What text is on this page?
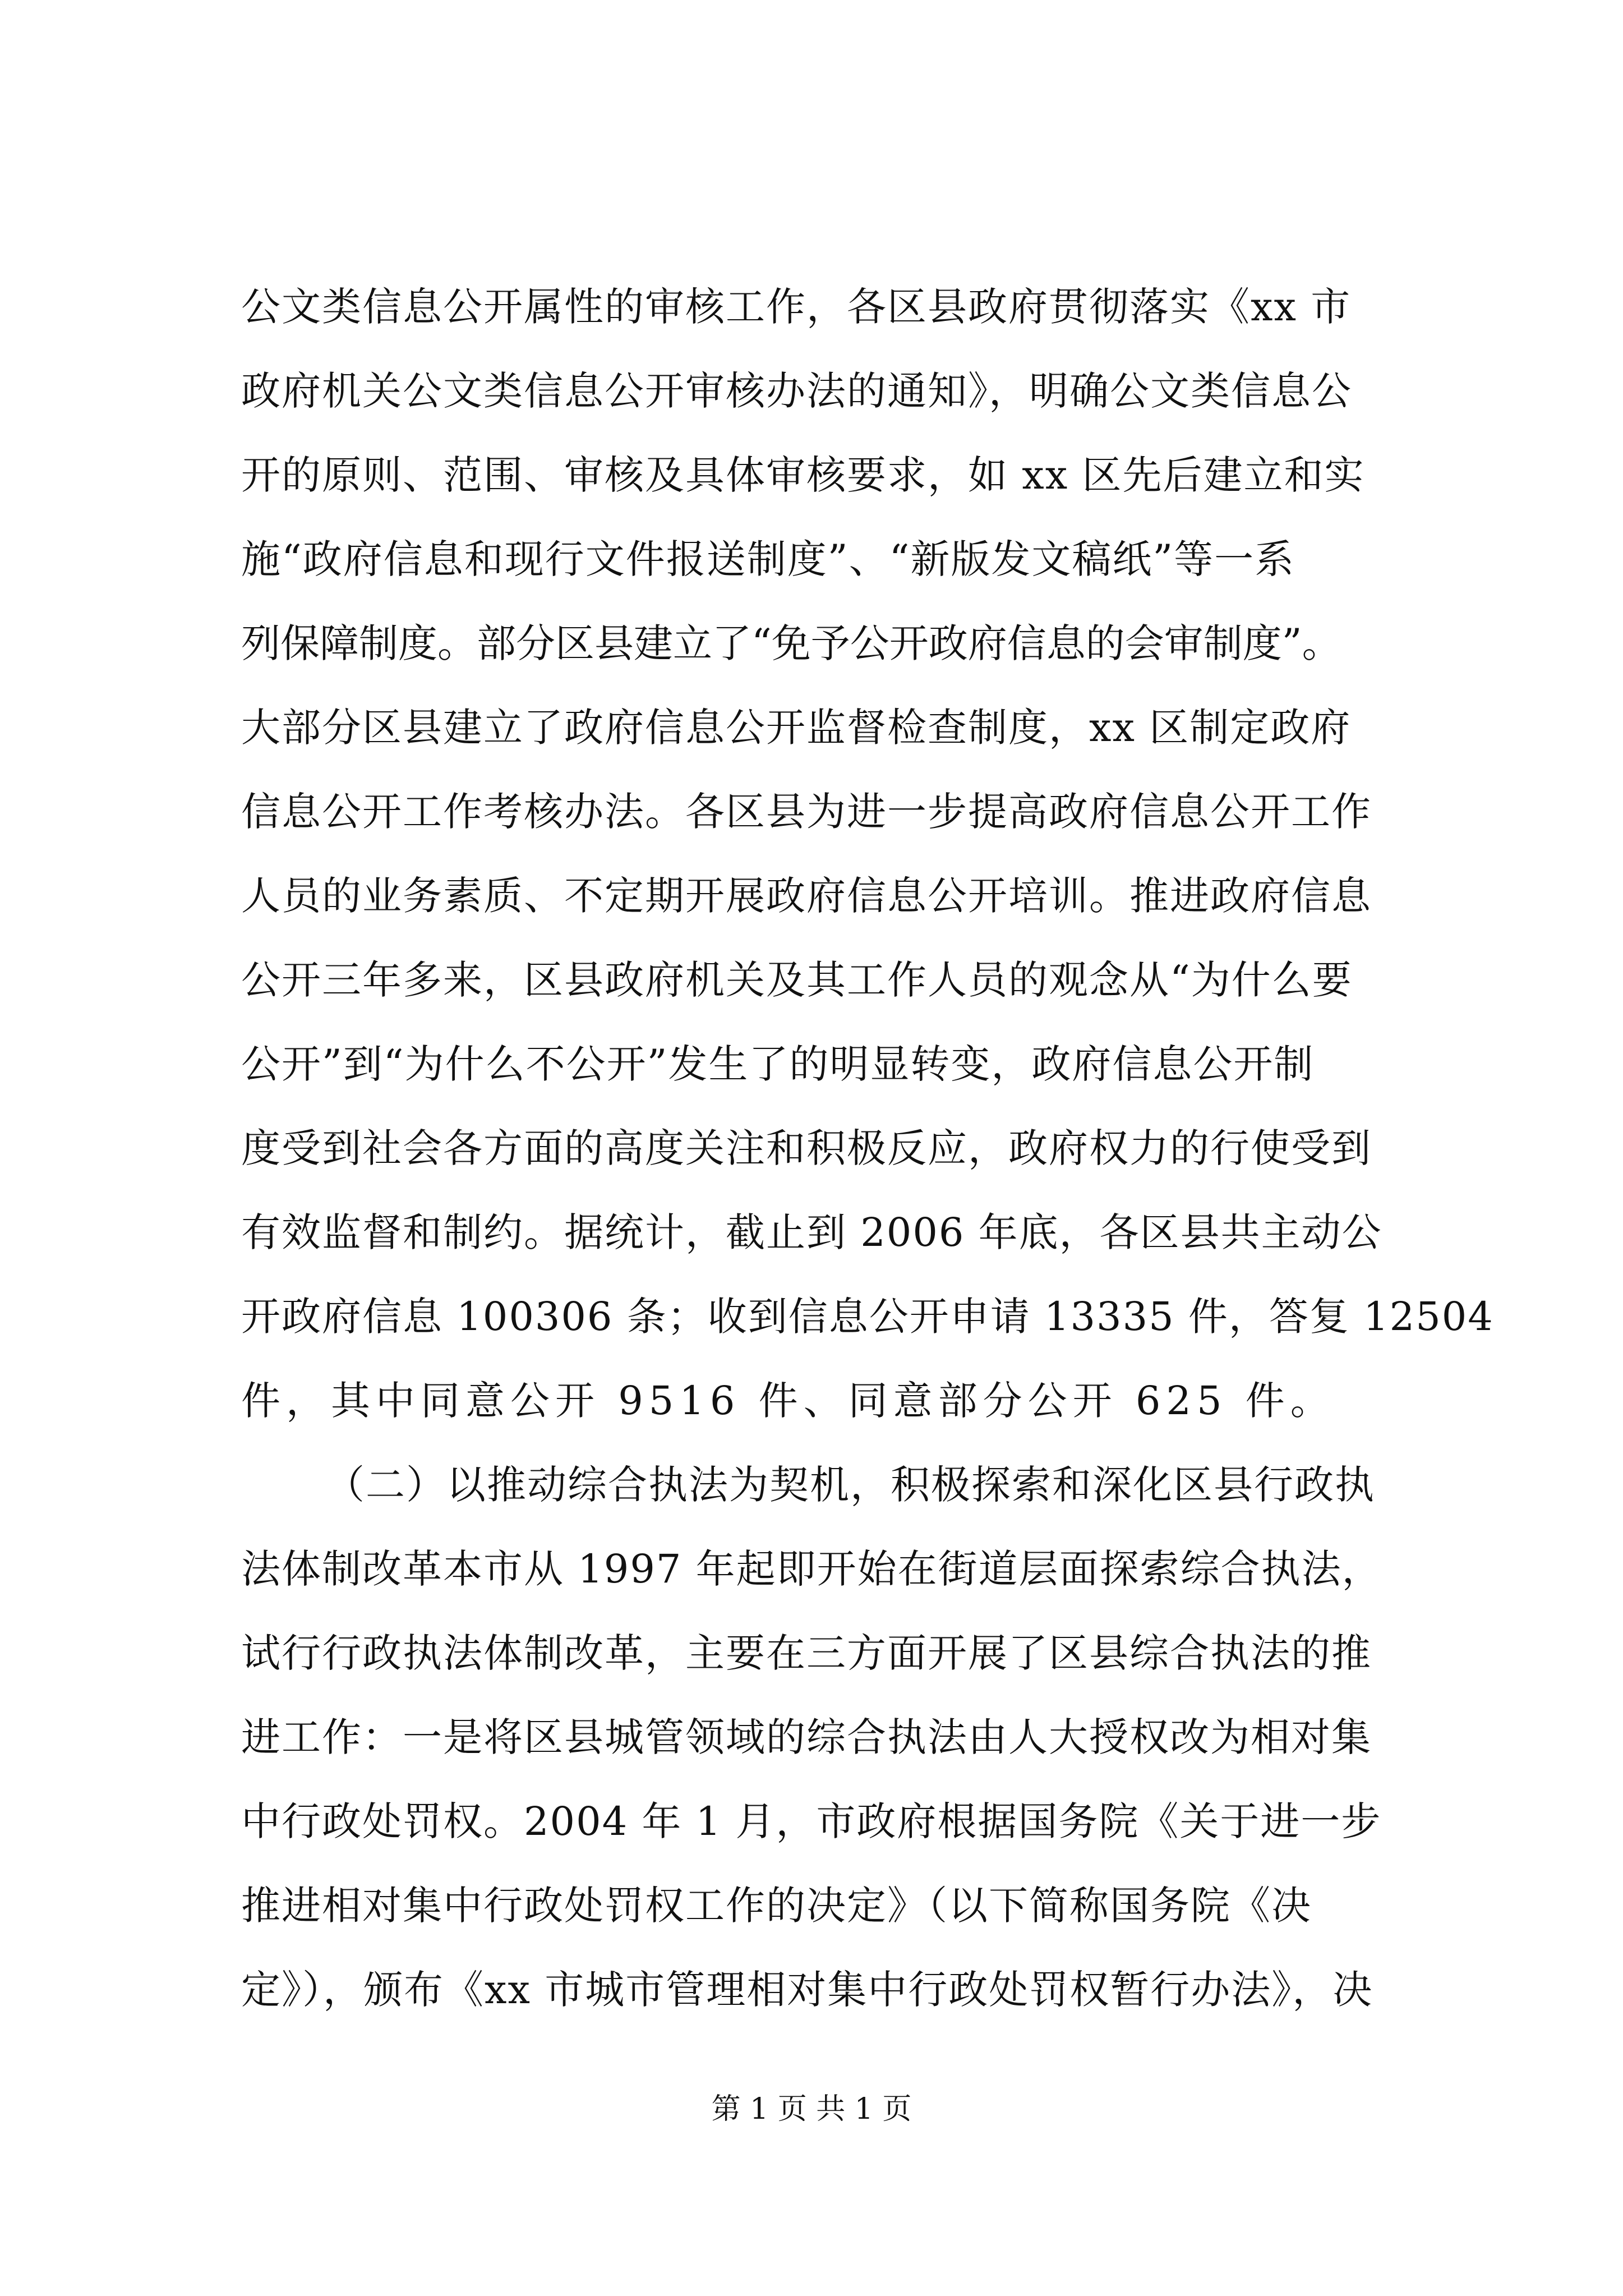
公文类信息公开属性的审核工作，各区县政府贯彻落实《xx 市
政府机关公文类信息公开审核办法的通知》，明确公文类信息公
开的原则、范围、审核及具体审核要求，如 xx 区先后建立和实
施“政府信息和现行文件报送制度”、“新版发文稿纸”等一系
列保障制度。部分区县建立了“免予公开政府信息的会审制度”。
大部分区县建立了政府信息公开监督检查制度，xx 区制定政府
信息公开工作考核办法。各区县为进一步提高政府信息公开工作
人员的业务素质、不定期开展政府信息公开培训。推进政府信息
公开三年多来，区县政府机关及其工作人员的观念从“为什么要
公开”到“为什么不公开”发生了的明显转变，政府信息公开制
度受到社会各方面的高度关注和积极反应，政府权力的行使受到
有效监督和制约。据统计，截止到 2006 年底，各区县共主动公
开政府信息 100306 条；收到信息公开申请 13335 件，答复 12504
件，其中同意公开 9516 件、同意部分公开 625 件。
（二）以推动综合执法为契机，积极探索和深化区县行政执
法体制改革本市从 1997 年起即开始在街道层面探索综合执法，
试行行政执法体制改革，主要在三方面开展了区县综合执法的推
进工作：一是将区县城管领域的综合执法由人大授权改为相对集
中行政处罚权。2004 年 1 月，市政府根据国务院《关于进一步
推进相对集中行政处罚权工作的决定》（以下简称国务院《决
定》），颁布《xx 市城市管理相对集中行政处罚权暂行办法》，决
第 1 页 共 1 页
